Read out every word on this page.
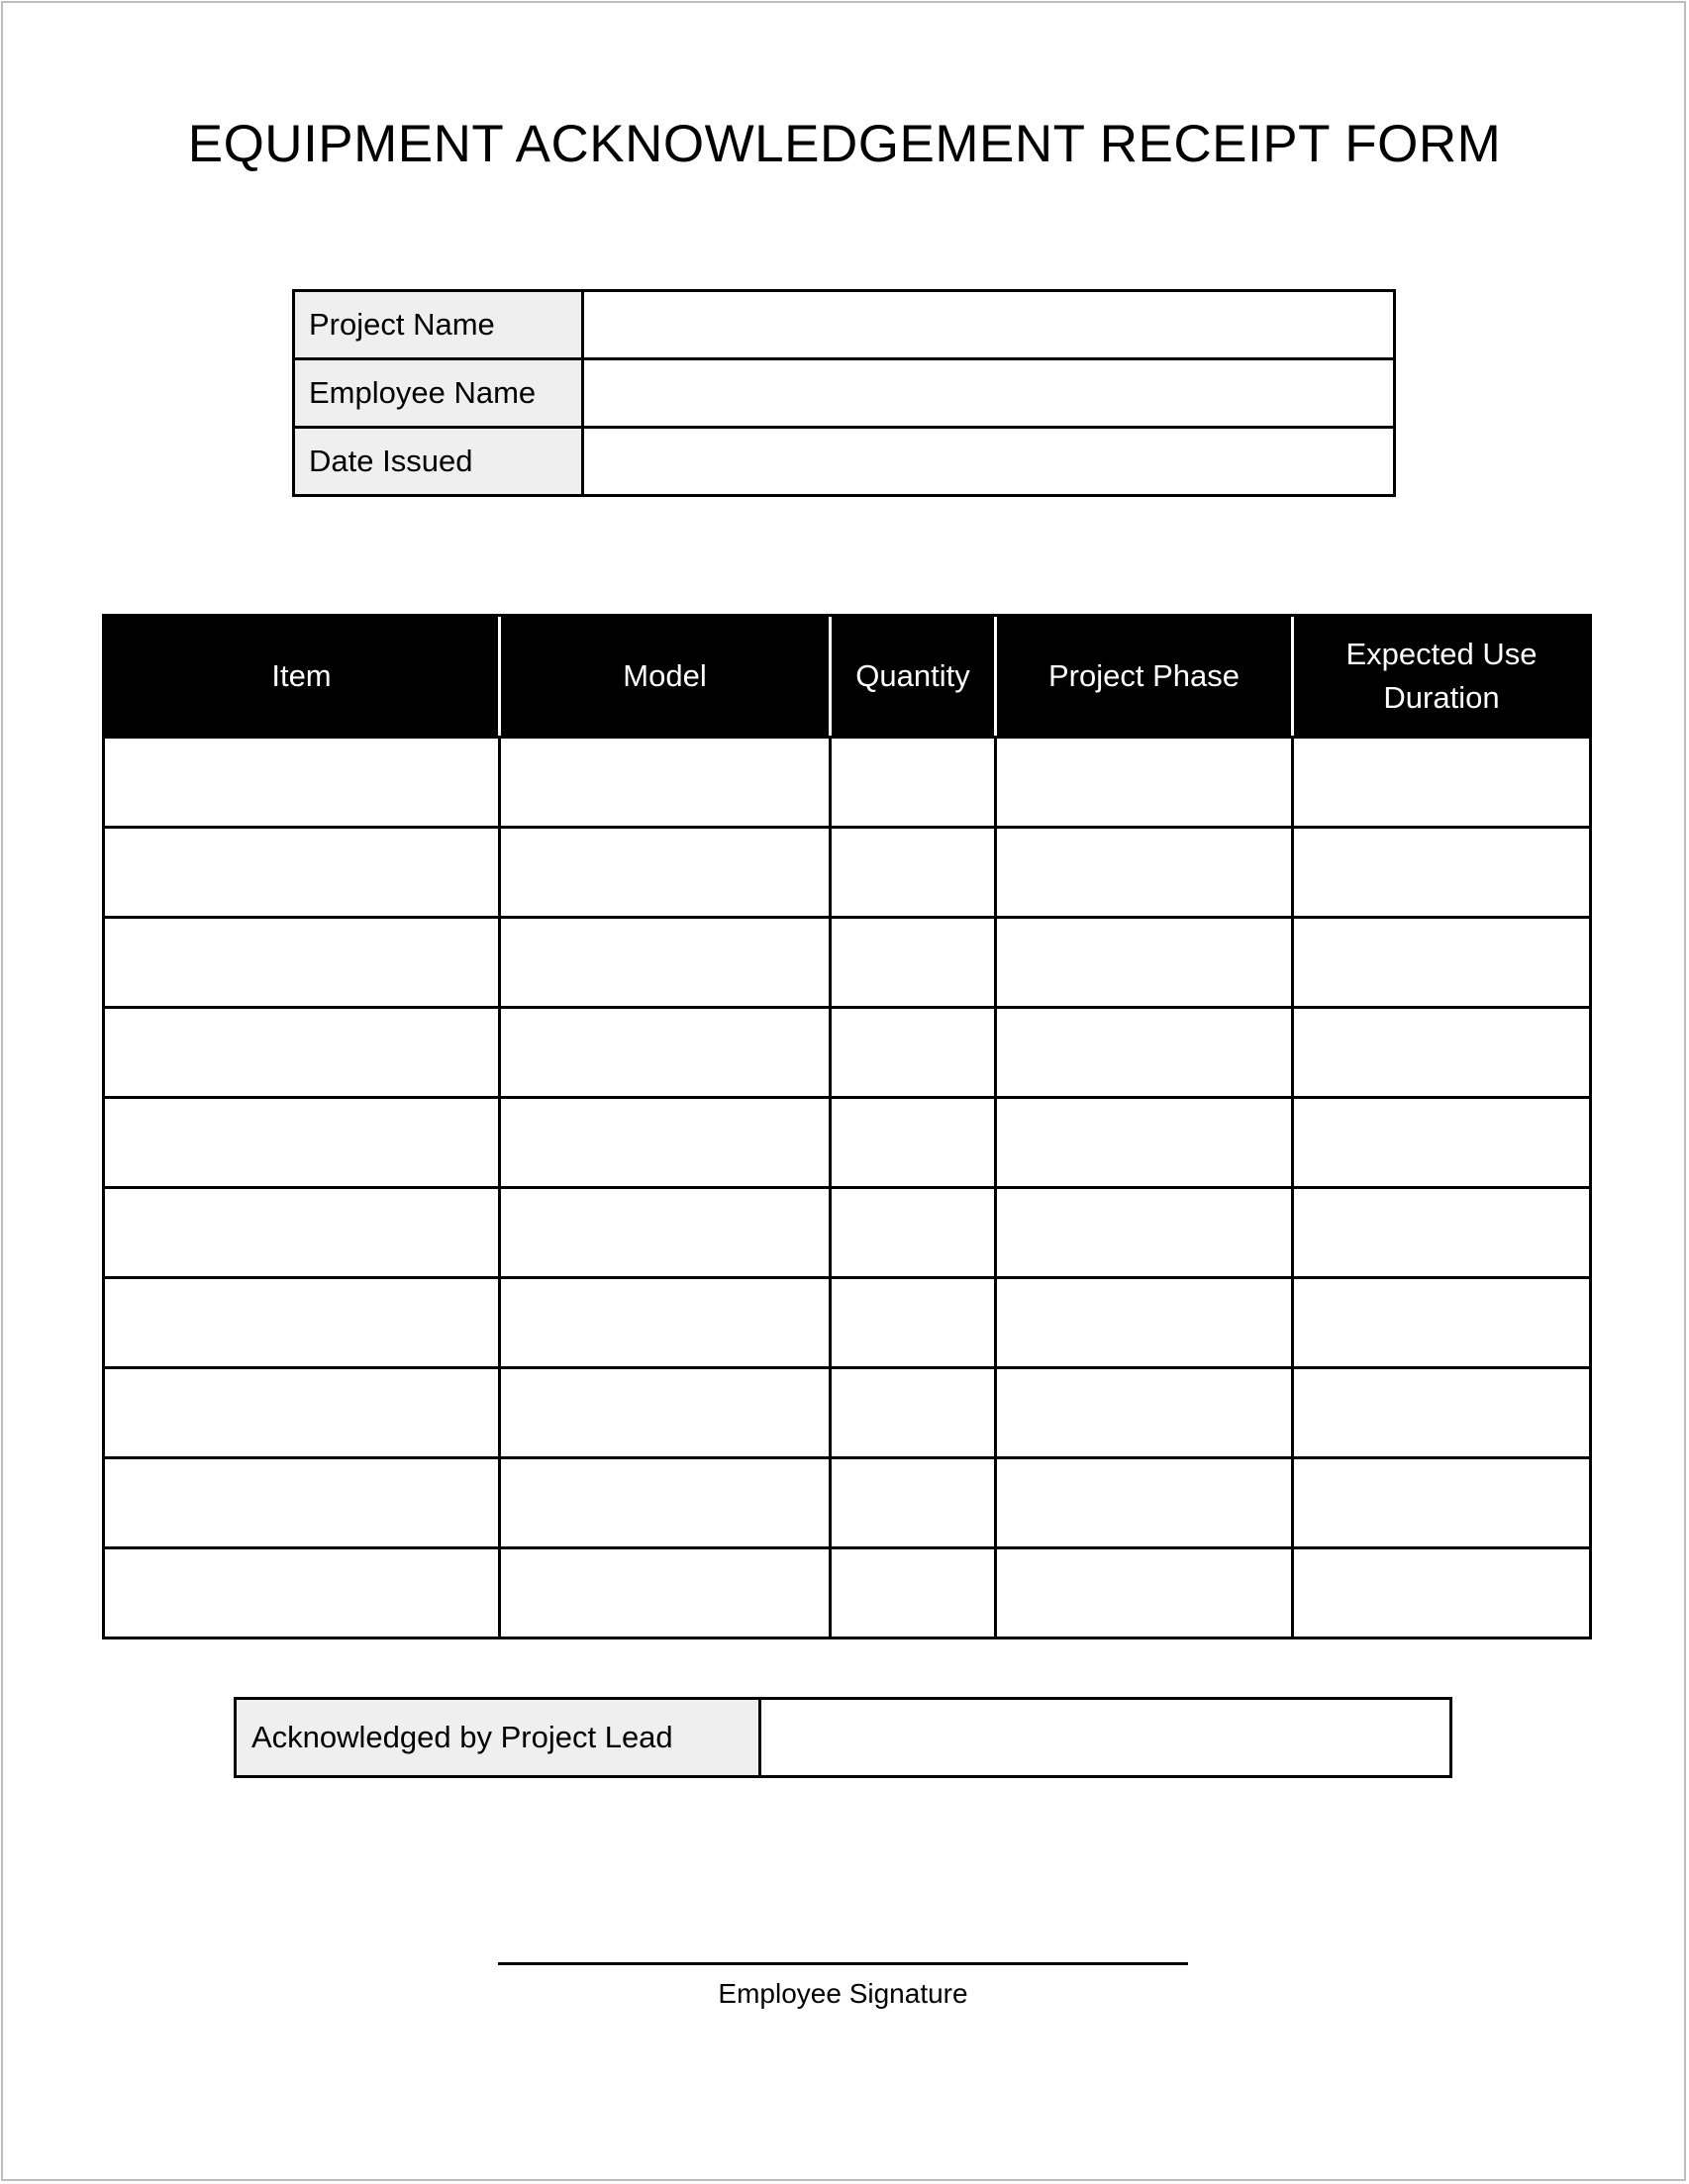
EQUIPMENT ACKNOWLEDGEMENT RECEIPT FORM
Project Name	
Employee Name	
Date Issued	
Item	Model	Quantity	Project Phase	Expected Use
Duration

Acknowledged by Project Lead	
Employee Signature
